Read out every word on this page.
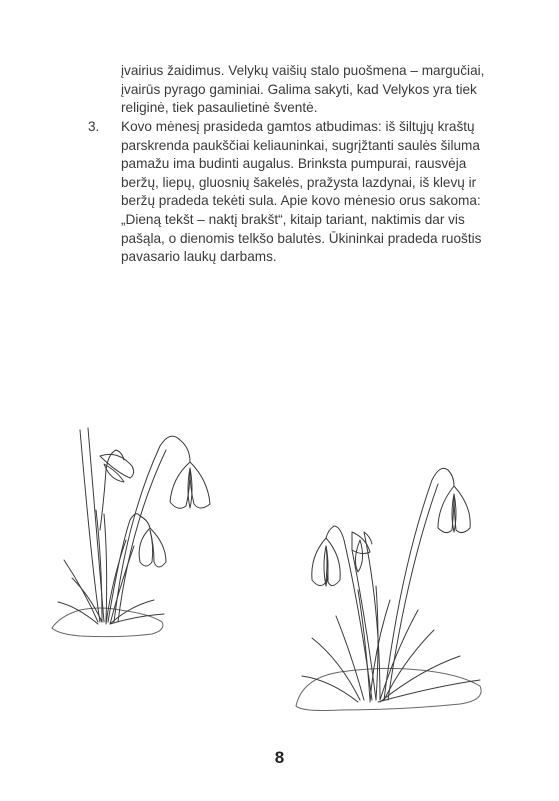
įvairius žaidimus. Velykų vaišių stalo puošmena – margučiai,
įvairūs pyrago gaminiai. Galima sakyti, kad Velykos yra tiek
religinė, tiek pasaulietinė šventė.
3. Kovo mėnesį prasideda gamtos atbudimas: iš šiltųjų kraštų
parskrenda paukščiai keliauninkai, sugrįžtanti saulės šiluma
pamažu ima budinti augalus. Brinksta pumpurai, rausvėja
beržų, liepų, gluosnių šakelės, pražysta lazdynai, iš klevų ir
beržų pradeda tekėti sula. Apie kovo mėnesio orus sakoma:
„Dieną tekšt – naktį brakšt“, kitaip tariant, naktimis dar vis
pašąla, o dienomis telkšo balutės. Ūkininkai pradeda ruoštis
pavasario laukų darbams.
8
